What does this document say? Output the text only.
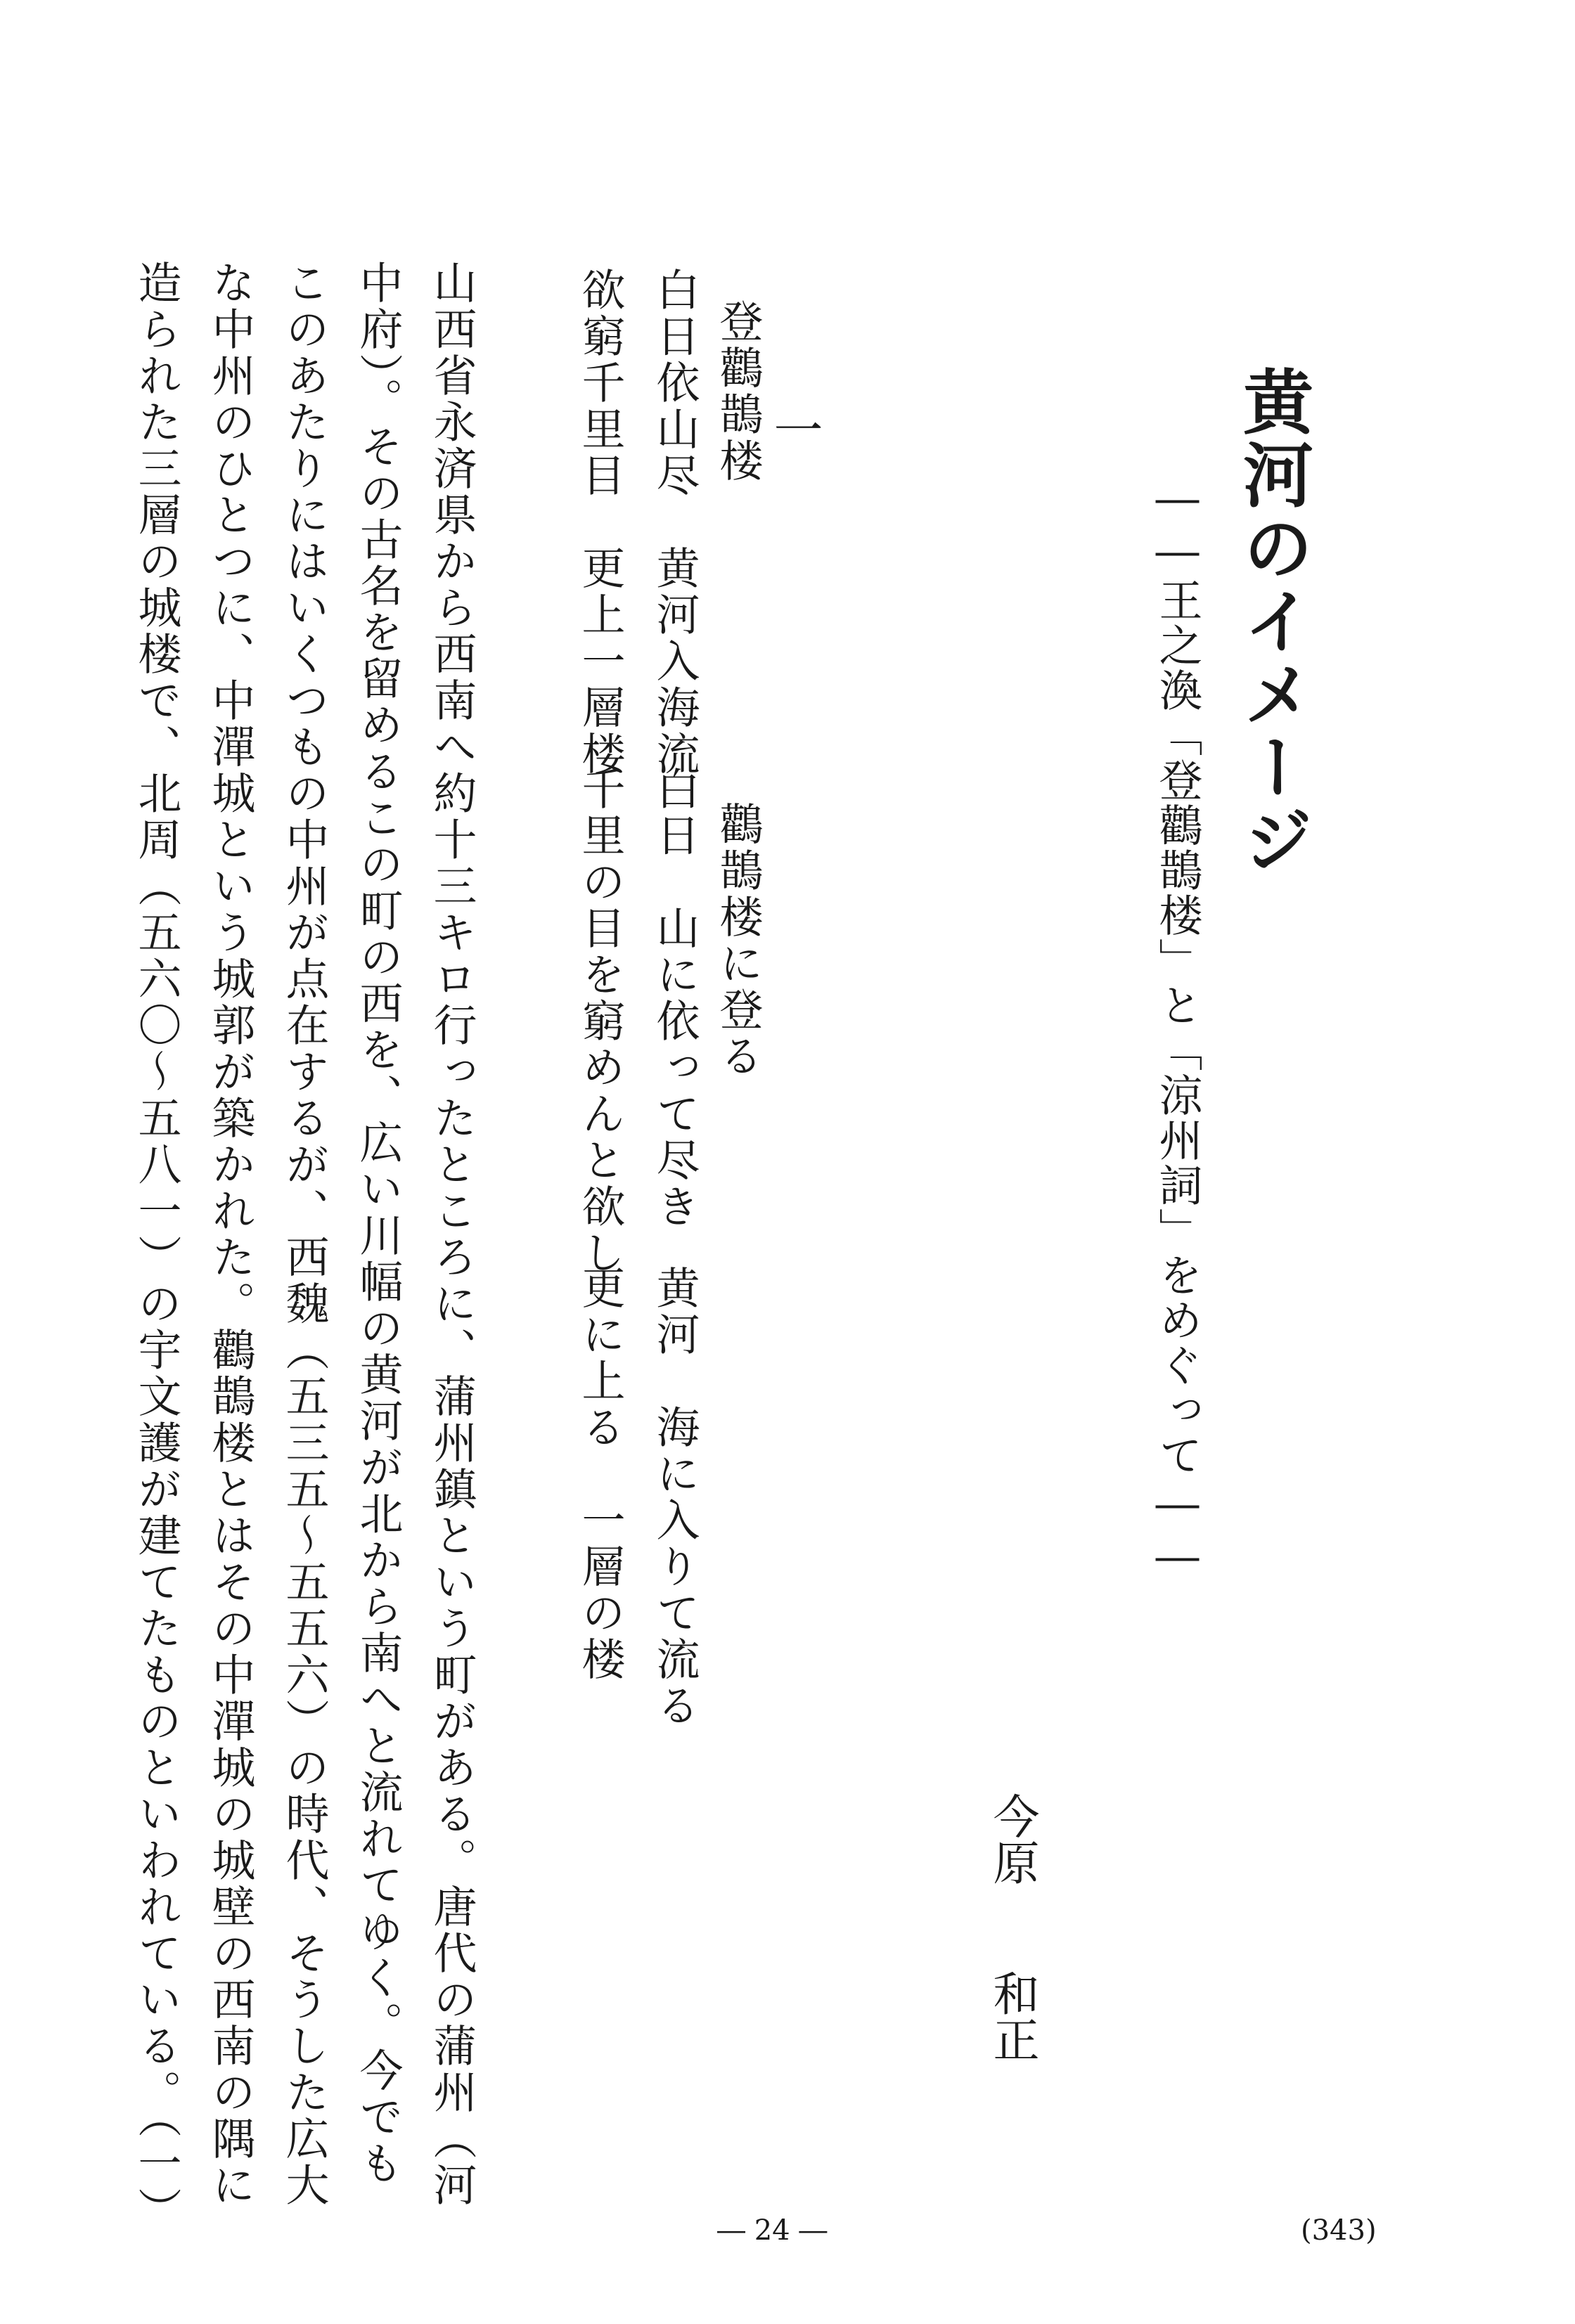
黄河のイメージ
――王之渙「登鸛鵲楼」と「涼州詞」をめぐって――
今原和正
一
登鸛鵲楼
白日依山尽　黄河入海流
欲窮千里目　更上一層楼
鸛鵲楼に登る
白日　山に依って尽き
千里の目を窮めんと欲し
黄河　海に入りて流る
更に上る　一層の楼

山西省永済県から西南へ約十三キロ行ったところに、蒲州鎮という町がある。唐代の蒲州（河中府）。その古名を留めるこの町の西を、広い川幅の黄河が北から南へと流れてゆく。今でもこのあたりにはいくつもの中州が点在するが、西魏（五三五～五五六）の時代、そうした広大な中州のひとつに、中潬城という城郭が築かれた。鸛鵲楼とはその中潬城の城壁の西南の隅に造られた三層の城楼で、北周（五六〇～五八一）の宇文護が建てたものといわれている。（一）	― 24 ―	(343)
